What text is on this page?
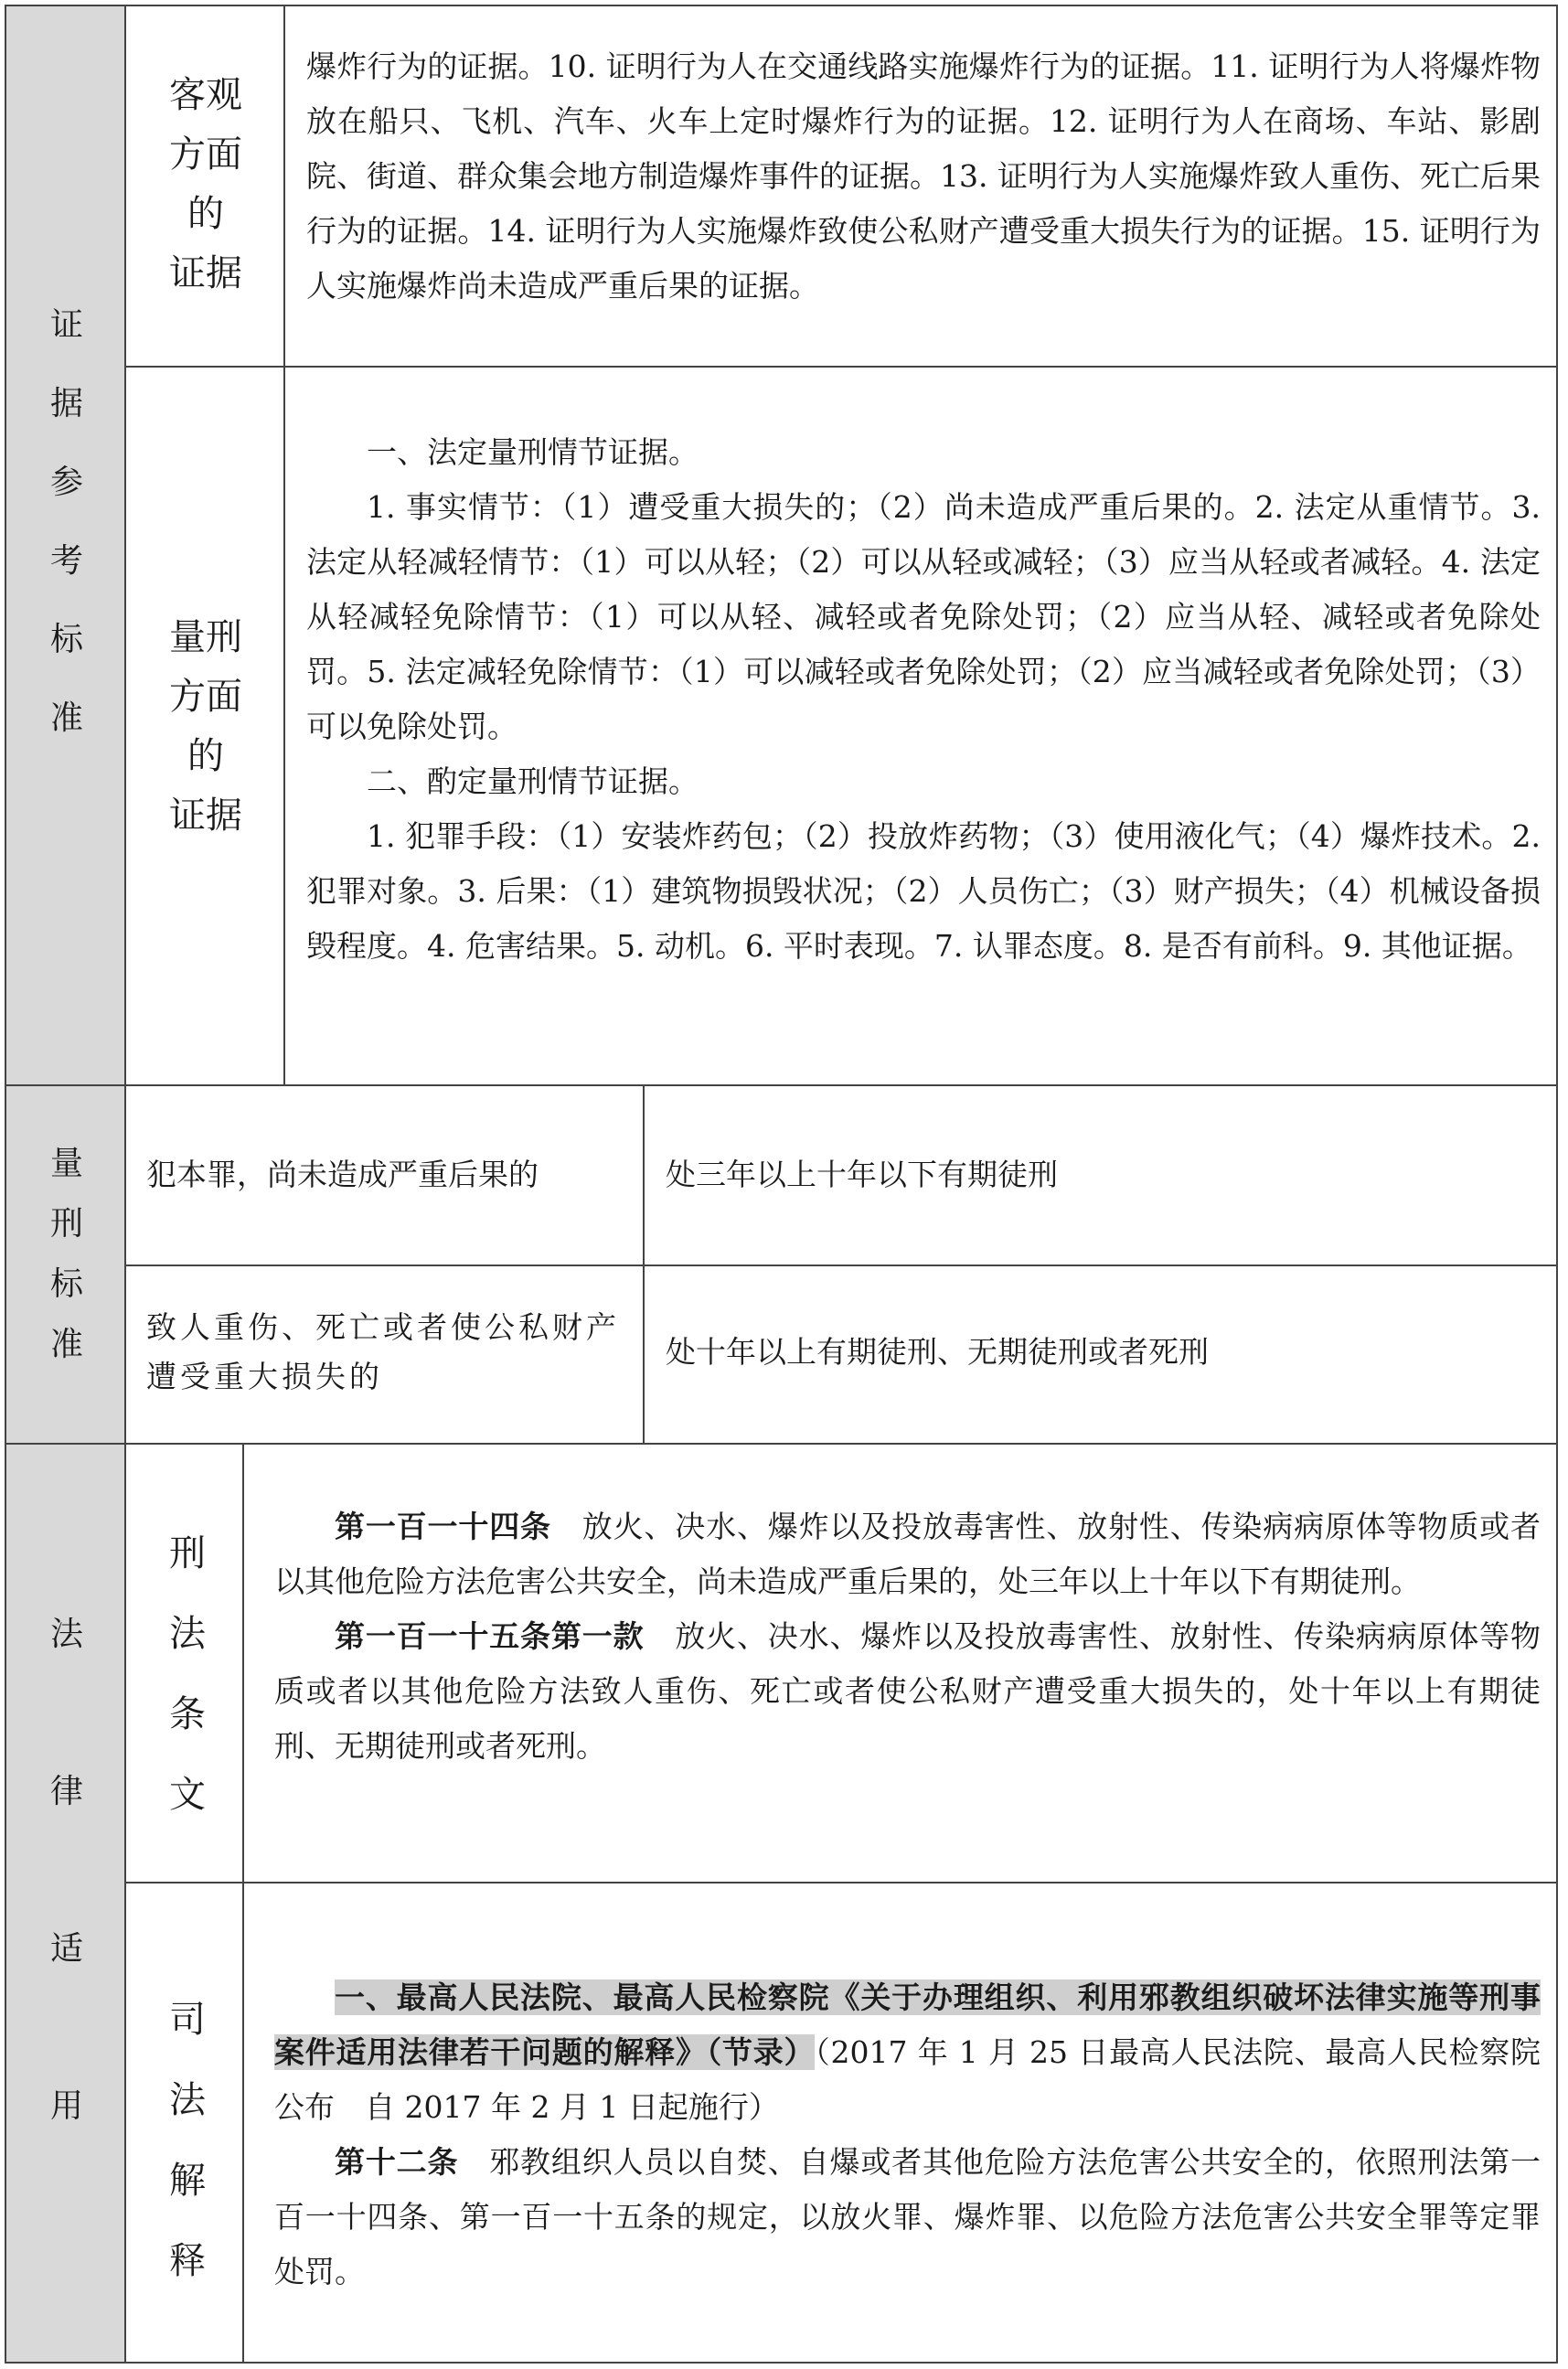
证
据
参
考
标
准
客观
方面
的
证据

爆炸行为的证据。10. 证明行为人在交通线路实施爆炸行为的证据。11. 证明行为人将爆炸物放在船只、飞机、汽车、火车上定时爆炸行为的证据。12. 证明行为人在商场、车站、影剧院、街道、群众集会地方制造爆炸事件的证据。13. 证明行为人实施爆炸致人重伤、死亡后果行为的证据。14. 证明行为人实施爆炸致使公私财产遭受重大损失行为的证据。15. 证明行为人实施爆炸尚未造成严重后果的证据。

量刑
方面
的
证据

一、法定量刑情节证据。

1. 事实情节：（1）遭受重大损失的；（2）尚未造成严重后果的。2. 法定从重情节。3. 法定从轻减轻情节：（1）可以从轻；（2）可以从轻或减轻；（3）应当从轻或者减轻。4. 法定从轻减轻免除情节：（1）可以从轻、减轻或者免除处罚；（2）应当从轻、减轻或者免除处罚。5. 法定减轻免除情节：（1）可以减轻或者免除处罚；（2）应当减轻或者免除处罚；（3）可以免除处罚。

二、酌定量刑情节证据。

1. 犯罪手段：（1）安装炸药包；（2）投放炸药物；（3）使用液化气；（4）爆炸技术。2. 犯罪对象。3. 后果：（1）建筑物损毁状况；（2）人员伤亡；（3）财产损失；（4）机械设备损毁程度。4. 危害结果。5. 动机。6. 平时表现。7. 认罪态度。8. 是否有前科。9. 其他证据。

量
刑
标
准
犯本罪，尚未造成严重后果的	处三年以上十年以下有期徒刑
致人重伤、死亡或者使公私财产遭受重大损失的
处十年以上有期徒刑、无期徒刑或者死刑
法
律
适
用
刑
法
条
文

第一百一十四条　 放火、决水、爆炸以及投放毒害性、放射性、传染病病原体等物质或者以其他危险方法危害公共安全，尚未造成严重后果的，处三年以上十年以下有期徒刑。

第一百一十五条第一款　 放火、决水、爆炸以及投放毒害性、放射性、传染病病原体等物质或者以其他危险方法致人重伤、死亡或者使公私财产遭受重大损失的，处十年以上有期徒刑、无期徒刑或者死刑。

司
法
解
释

一、最高人民法院、最高人民检察院《关于办理组织、利用邪教组织破坏法律实施等刑事案件适用法律若干问题的解释》（节录）（2017 年 1 月 25 日最高人民法院、最高人民检察院公布　自 2017 年 2 月 1 日起施行）

第十二条　 邪教组织人员以自焚、自爆或者其他危险方法危害公共安全的，依照刑法第一百一十四条、第一百一十五条的规定，以放火罪、爆炸罪、以危险方法危害公共安全罪等定罪处罚。
